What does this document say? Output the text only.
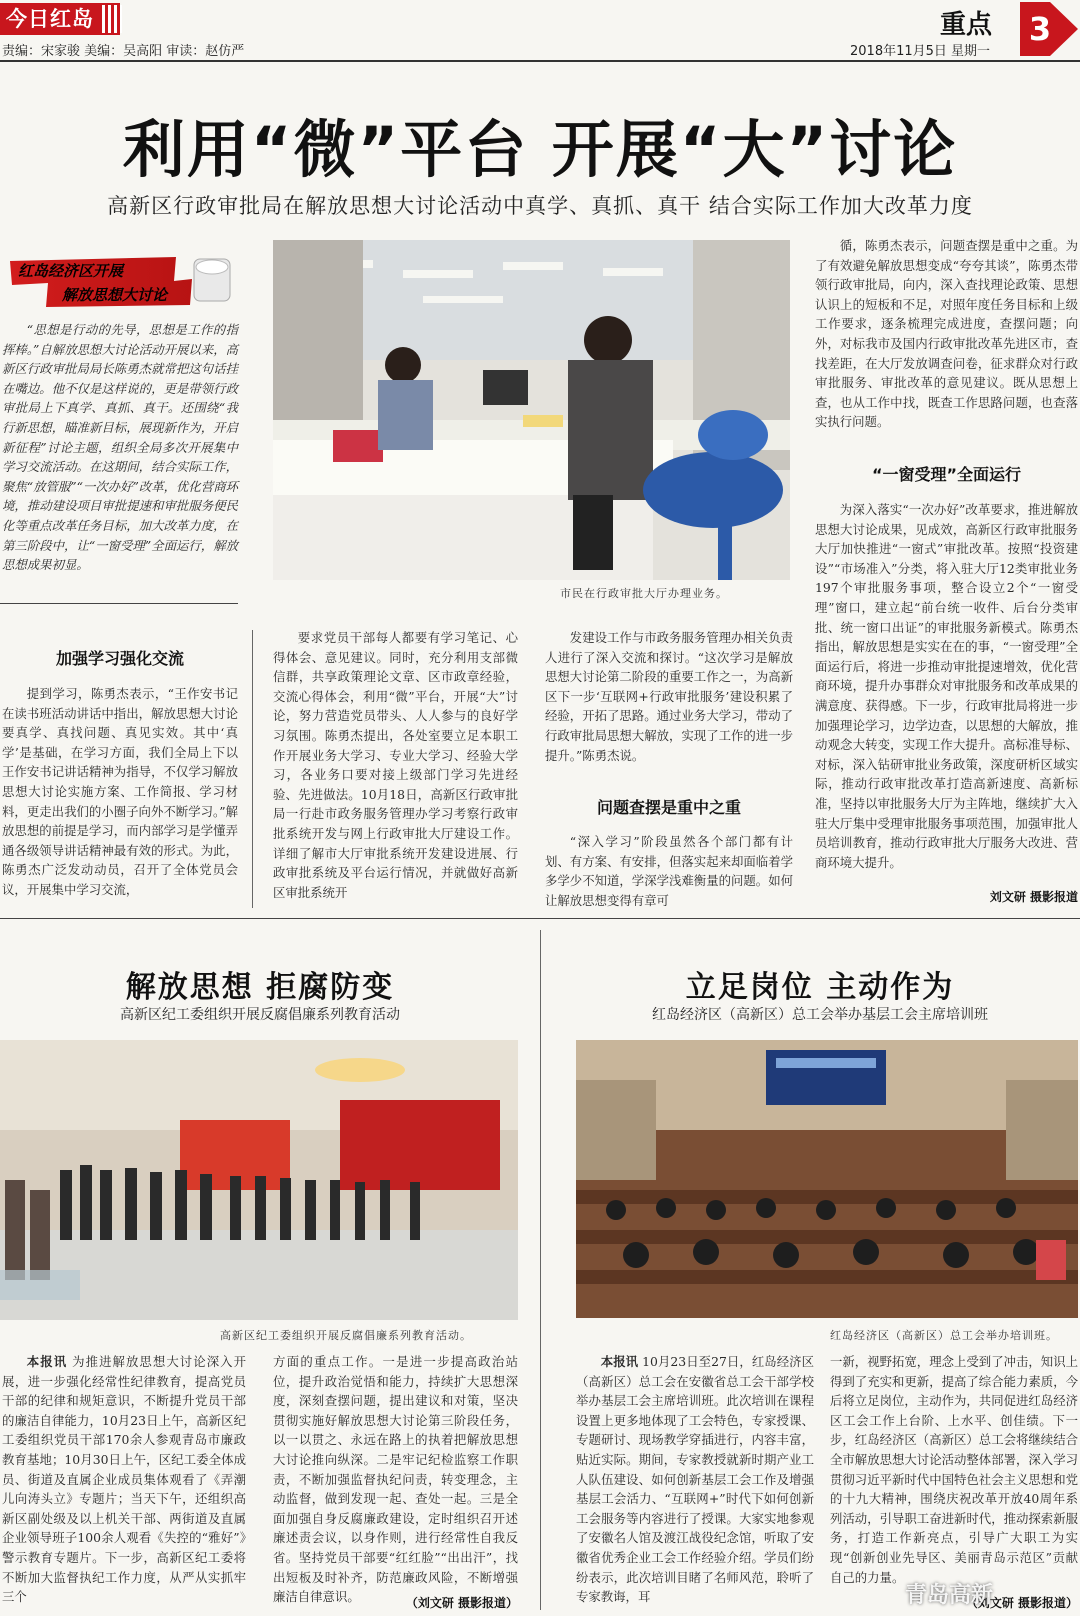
今日红岛
责编：宋家骏 美编：吴高阳 审读：赵仿严
重点 3
2018年11月5日 星期一
利用“微”平台 开展“大”讨论
高新区行政审批局在解放思想大讨论活动中真学、真抓、真干 结合实际工作加大改革力度
红岛经济区开展
解放思想大讨论

“思想是行动的先导，思想是工作的指挥棒。”自解放思想大讨论活动开展以来，高新区行政审批局局长陈勇杰就常把这句话挂在嘴边。他不仅是这样说的，更是带领行政审批局上下真学、真抓、真干。还围绕“我行新思想，瞄准新目标，展现新作为，开启新征程”讨论主题，组织全局多次开展集中学习交流活动。在这期间，结合实际工作，聚焦“放管服”“一次办好”改革，优化营商环境，推动建设项目审批提速和审批服务便民化等重点改革任务目标，加大改革力度，在第三阶段中，让“一窗受理”全面运行，解放思想成果初显。

市民在行政审批大厅办理业务。
加强学习强化交流

提到学习，陈勇杰表示，“王作安书记在读书班活动讲话中指出，解放思想大讨论要真学、真找问题、真见实效。其中‘真学’是基础，在学习方面，我们全局上下以王作安书记讲话精神为指导，不仅学习解放思想大讨论实施方案、工作简报、学习材料，更走出我们的小圈子向外不断学习。”解放思想的前提是学习，而内部学习是学懂弄通各级领导讲话精神最有效的形式。为此，陈勇杰广泛发动动员，召开了全体党员会议，开展集中学习交流，

要求党员干部每人都要有学习笔记、心得体会、意见建议。同时，充分利用支部微信群，共享政策理论文章、区市政章经验，交流心得体会，利用“微”平台，开展“大”讨论，努力营造党员带头、人人参与的良好学习氛围。陈勇杰提出，各处室要立足本职工作开展业务大学习、专业大学习、经验大学习，各业务口要对接上级部门学习先进经验、先进做法。10月18日，高新区行政审批局一行赴市政务服务管理办学习考察行政审批系统开发与网上行政审批大厅建设工作。详细了解市大厅审批系统开发建设进展、行政审批系统及平台运行情况，并就做好高新区审批系统开

发建设工作与市政务服务管理办相关负责人进行了深入交流和探讨。“这次学习是解放思想大讨论第二阶段的重要工作之一，为高新区下一步‘互联网+行政审批服务’建设积累了经验，开拓了思路。通过业务大学习，带动了行政审批局思想大解放，实现了工作的进一步提升。”陈勇杰说。

问题查摆是重中之重

“深入学习”阶段虽然各个部门都有计划、有方案、有安排，但落实起来却面临着学多学少不知道，学深学浅难衡量的问题。如何让解放思想变得有章可

循，陈勇杰表示，问题查摆是重中之重。为了有效避免解放思想变成“夸夸其谈”，陈勇杰带领行政审批局，向内，深入查找理论政策、思想认识上的短板和不足，对照年度任务目标和上级工作要求，逐条梳理完成进度，查摆问题；向外，对标我市及国内行政审批改革先进区市，查找差距，在大厅发放调查问卷，征求群众对行政审批服务、审批改革的意见建议。既从思想上查，也从工作中找，既查工作思路问题，也查落实执行问题。

“一窗受理”全面运行

为深入落实“一次办好”改革要求，推进解放思想大讨论成果，见成效，高新区行政审批服务大厅加快推进“一窗式”审批改革。按照“投资建设”“市场准入”分类，将入驻大厅12类审批业务197个审批服务事项，整合设立2个“一窗受理”窗口，建立起“前台统一收件、后台分类审批、统一窗口出证”的审批服务新模式。陈勇杰指出，解放思想是实实在在的事，“一窗受理”全面运行后，将进一步推动审批提速增效，优化营商环境，提升办事群众对审批服务和改革成果的满意度、获得感。下一步，行政审批局将进一步加强理论学习，边学边查，以思想的大解放，推动观念大转变，实现工作大提升。高标准导标、对标，深入钻研审批业务政策，深度研析区域实际，推动行政审批改革打造高新速度、高新标准，坚持以审批服务大厅为主阵地，继续扩大入驻大厅集中受理审批服务事项范围，加强审批人员培训教育，推动行政审批大厅服务大改进、营商环境大提升。

刘文研 摄影报道
解放思想 拒腐防变
高新区纪工委组织开展反腐倡廉系列教育活动
高新区纪工委组织开展反腐倡廉系列教育活动。

本报讯 为推进解放思想大讨论深入开展，进一步强化经常性纪律教育，提高党员干部的纪律和规矩意识，不断提升党员干部的廉洁自律能力，10月23日上午，高新区纪工委组织党员干部170余人参观青岛市廉政教育基地；10月30日上午，区纪工委全体成员、街道及直属企业成员集体观看了《弄潮儿向涛头立》专题片；当天下午，还组织高新区副处级及以上机关干部、两街道及直属企业领导班子100余人观看《失控的“雅好”》警示教育专题片。下一步，高新区纪工委将不断加大监督执纪工作力度，从严从实抓牢三个

方面的重点工作。一是进一步提高政治站位，提升政治觉悟和能力，持续扩大思想深度，深刻查摆问题，提出建议和对策，坚决贯彻实施好解放思想大讨论第三阶段任务，以一以贯之、永远在路上的执着把解放思想大讨论推向纵深。二是牢记纪检监察工作职责，不断加强监督执纪问责，转变理念，主动监督，做到发现一起、查处一起。三是全面加强自身反腐廉政建设，定时组织召开述廉述责会议，以身作则，进行经常性自我反省。坚持党员干部要“红红脸”“出出汗”，找出短板及时补齐，防范廉政风险，不断增强廉洁自律意识。	（刘文研 摄影报道）
立足岗位 主动作为
红岛经济区（高新区）总工会举办基层工会主席培训班
红岛经济区（高新区）总工会举办培训班。

本报讯 10月23日至27日，红岛经济区（高新区）总工会在安徽省总工会干部学校举办基层工会主席培训班。此次培训在课程设置上更多地体现了工会特色，专家授课、专题研讨、现场教学穿插进行，内容丰富，贴近实际。期间，专家教授就新时期产业工人队伍建设、如何创新基层工会工作及增强基层工会活力、“互联网+”时代下如何创新工会服务等内容进行了授课。大家实地参观了安徽名人馆及渡江战役纪念馆，听取了安徽省优秀企业工会工作经验介绍。学员们纷纷表示，此次培训目睹了名师风范，聆听了专家教诲，耳

一新，视野拓宽，理念上受到了冲击，知识上得到了充实和更新，提高了综合能力素质，今后将立足岗位，主动作为，共同促进红岛经济区工会工作上台阶、上水平、创佳绩。下一步，红岛经济区（高新区）总工会将继续结合全市解放思想大讨论活动整体部署，深入学习贯彻习近平新时代中国特色社会主义思想和党的十九大精神，围绕庆祝改革开放40周年系列活动，引导职工奋进新时代，推动探索新服务，打造工作新亮点，引导广大职工为实现“创新创业先导区、美丽青岛示范区”贡献自己的力量。

（刘文研 摄影报道）
青岛高新
